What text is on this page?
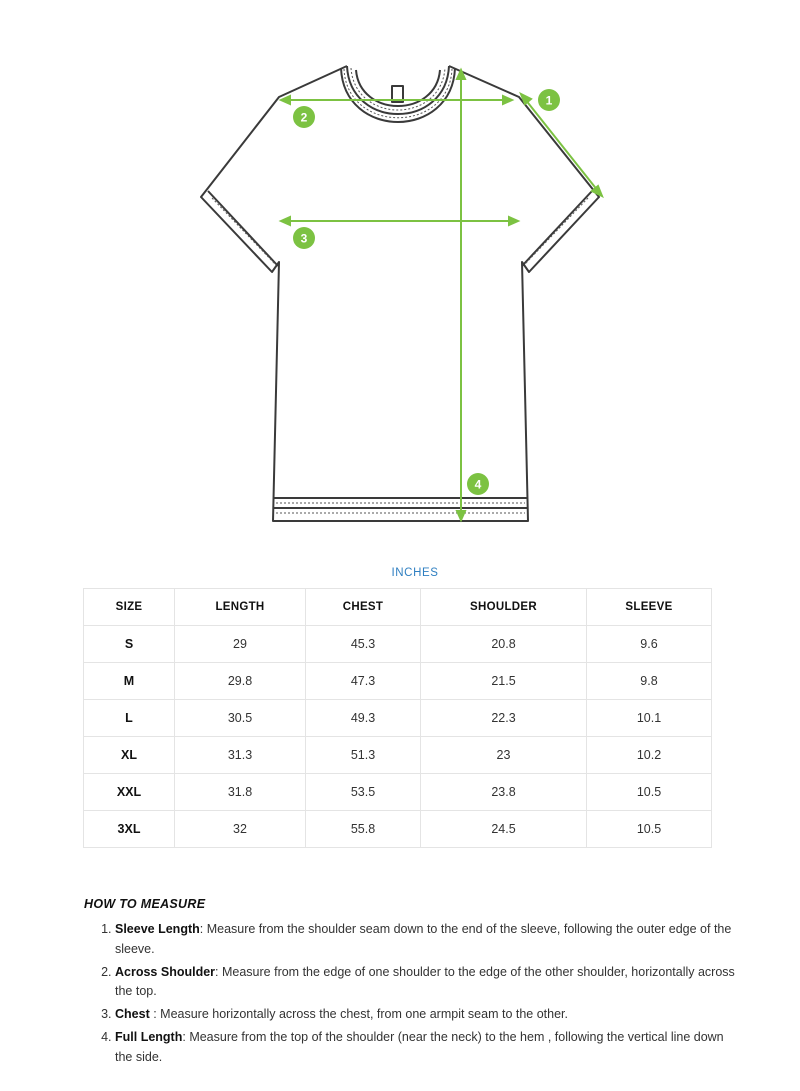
1
2
3
4
INCHES
SIZE	LENGTH	CHEST	SHOULDER	SLEEVE
S	29	45.3	20.8	9.6
M	29.8	47.3	21.5	9.8
L	30.5	49.3	22.3	10.1
XL	31.3	51.3	23	10.2
XXL	31.8	53.5	23.8	10.5
3XL	32	55.8	24.5	10.5
HOW TO MEASURE
1. Sleeve Length: Measure from the shoulder seam down to the end of the sleeve, following the outer edge of the sleeve.
2. Across Shoulder: Measure from the edge of one shoulder to the edge of the other shoulder, horizontally across the top.
3. Chest : Measure horizontally across the chest, from one armpit seam to the other.
4. Full Length: Measure from the top of the shoulder (near the neck) to the hem , following the vertical line down the side.
